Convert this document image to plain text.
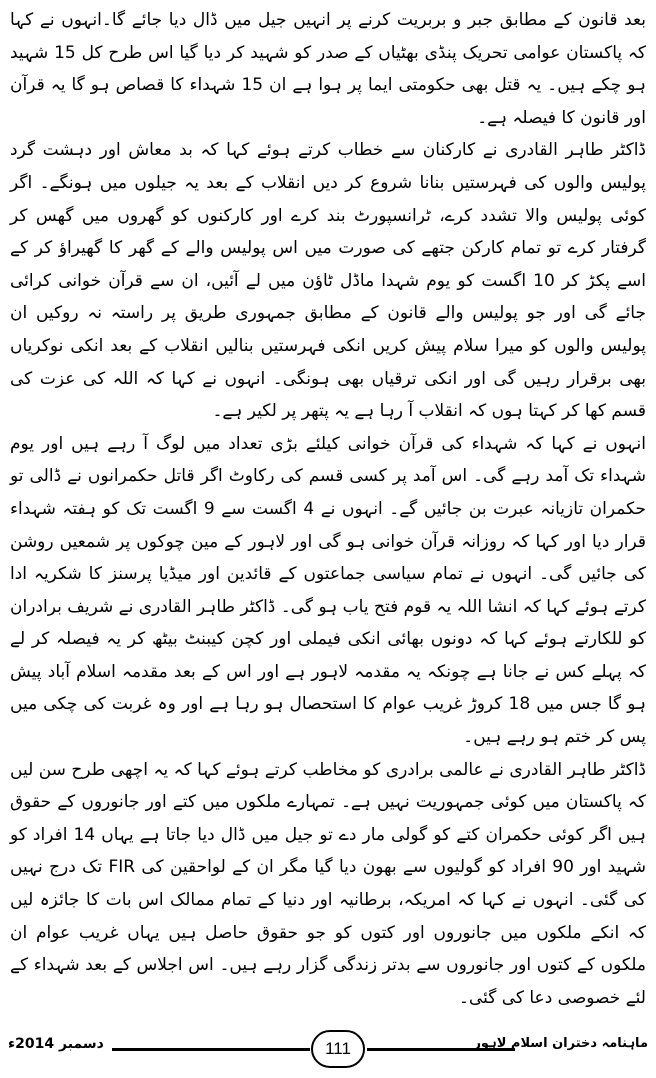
بعد قانون کے مطابق جبر و بربریت کرنے پر انہیں جیل میں ڈال دیا جائے گا۔انہوں نے کہا کہ پاکستان عوامی تحریک پنڈی بھٹیاں کے صدر کو شہید کر دیا گیا اس طرح کل 15 شہید ہو چکے ہیں۔ یہ قتل بھی حکومتی ایما پر ہوا ہے ان 15 شہداء کا قصاص ہو گا یہ قرآن اور قانون کا فیصلہ ہے۔

ڈاکٹر طاہر القادری نے کارکنان سے خطاب کرتے ہوئے کہا کہ بد معاش اور دہشت گرد پولیس والوں کی فہرستیں بنانا شروع کر دیں انقلاب کے بعد یہ جیلوں میں ہونگے۔ اگر کوئی پولیس والا تشدد کرے، ٹرانسپورٹ بند کرے اور کارکنوں کو گھروں میں گھس کر گرفتار کرے تو تمام کارکن جتھے کی صورت میں اس پولیس والے کے گھر کا گھیراؤ کر کے اسے پکڑ کر 10 اگست کو یوم شہدا ماڈل ٹاؤن میں لے آئیں، ان سے قرآن خوانی کرائی جائے گی اور جو پولیس والے قانون کے مطابق جمہوری طریق پر راستہ نہ روکیں ان پولیس والوں کو میرا سلام پیش کریں انکی فہرستیں بنالیں انقلاب کے بعد انکی نوکریاں بھی برقرار رہیں گی اور انکی ترقیاں بھی ہونگی۔ انہوں نے کہا کہ اللہ کی عزت کی قسم کھا کر کہتا ہوں کہ انقلاب آ رہا ہے یہ پتھر پر لکیر ہے۔

انہوں نے کہا کہ شہداء کی قرآن خوانی کیلئے بڑی تعداد میں لوگ آ رہے ہیں اور یوم شہداء تک آمد رہے گی۔ اس آمد پر کسی قسم کی رکاوٹ اگر قاتل حکمرانوں نے ڈالی تو حکمران تازیانہ عبرت بن جائیں گے۔ انہوں نے 4 اگست سے 9 اگست تک کو ہفتہ شہداء قرار دیا اور کہا کہ روزانہ قرآن خوانی ہو گی اور لاہور کے مین چوکوں پر شمعیں روشن کی جائیں گی۔ انہوں نے تمام سیاسی جماعتوں کے قائدین اور میڈیا پرسنز کا شکریہ ادا کرتے ہوئے کہا کہ انشا اللہ یہ قوم فتح یاب ہو گی۔ ڈاکٹر طاہر القادری نے شریف برادران کو للکارتے ہوئے کہا کہ دونوں بھائی انکی فیملی اور کچن کیبنٹ بیٹھ کر یہ فیصلہ کر لے کہ پہلے کس نے جانا ہے چونکہ یہ مقدمہ لاہور ہے اور اس کے بعد مقدمہ اسلام آباد پیش ہو گا جس میں 18 کروڑ غریب عوام کا استحصال ہو رہا ہے اور وہ غربت کی چکی میں پس کر ختم ہو رہے ہیں۔

ڈاکٹر طاہر القادری نے عالمی برادری کو مخاطب کرتے ہوئے کہا کہ یہ اچھی طرح سن لیں کہ پاکستان میں کوئی جمہوریت نہیں ہے۔ تمہارے ملکوں میں کتے اور جانوروں کے حقوق ہیں اگر کوئی حکمران کتے کو گولی مار دے تو جیل میں ڈال دیا جاتا ہے یہاں 14 افراد کو شہید اور 90 افراد کو گولیوں سے بھون دیا گیا مگر ان کے لواحقین کی FIR تک درج نہیں کی گئی۔ انہوں نے کہا کہ امریکہ، برطانیہ اور دنیا کے تمام ممالک اس بات کا جائزہ لیں کہ انکے ملکوں میں جانوروں اور کتوں کو جو حقوق حاصل ہیں یہاں غریب عوام ان ملکوں کے کتوں اور جانوروں سے بدتر زندگی گزار رہے ہیں۔ اس اجلاس کے بعد شہداء کے لئے خصوصی دعا کی گئی۔

دسمبر 2014ء	111	ماہنامہ دختران اسلام لاہور
